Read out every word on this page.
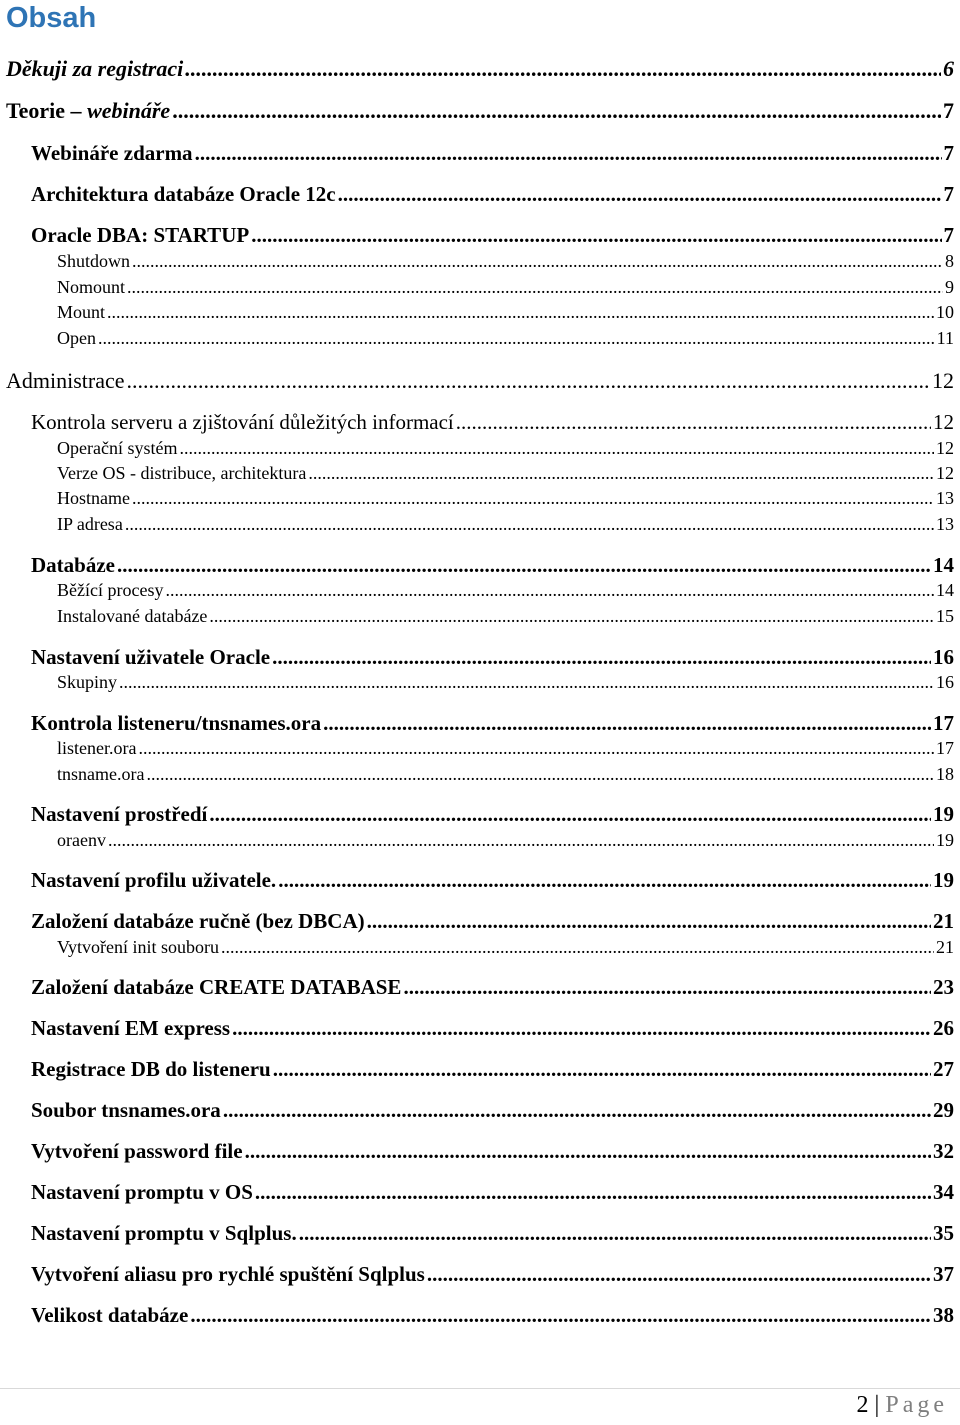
Obsah
Děkuji za registraci .....	6
Teorie – webináře .....	7
Webináře zdarma .....	7
Architektura databáze Oracle 12c .....	7
Oracle DBA: STARTUP .....	7
Shutdown .....	8
Nomount .....	9
Mount .....	10
Open .....	11
Administrace .....	12
Kontrola serveru a zjištování důležitých informací .....	12
Operační systém .....	12
Verze OS - distribuce, architektura .....	12
Hostname .....	13
IP adresa .....	13
Databáze .....	14
Běžící procesy .....	14
Instalované databáze .....	15
Nastavení uživatele Oracle .....	16
Skupiny .....	16
Kontrola listeneru/tnsnames.ora .....	17
listener.ora .....	17
tnsname.ora .....	18
Nastavení prostředí .....	19
oraenv .....	19
Nastavení profilu uživatele. .....	19
Založení databáze ručně (bez DBCA) .....	21
Vytvoření init souboru .....	21
Založení databáze CREATE DATABASE .....	23
Nastavení EM express .....	26
Registrace DB do listeneru .....	27
Soubor tnsnames.ora .....	29
Vytvoření password file .....	32
Nastavení promptu v OS .....	34
Nastavení promptu v Sqlplus. .....	35
Vytvoření aliasu pro rychlé spuštění Sqlplus .....	37
Velikost databáze .....	38
2 | Page
